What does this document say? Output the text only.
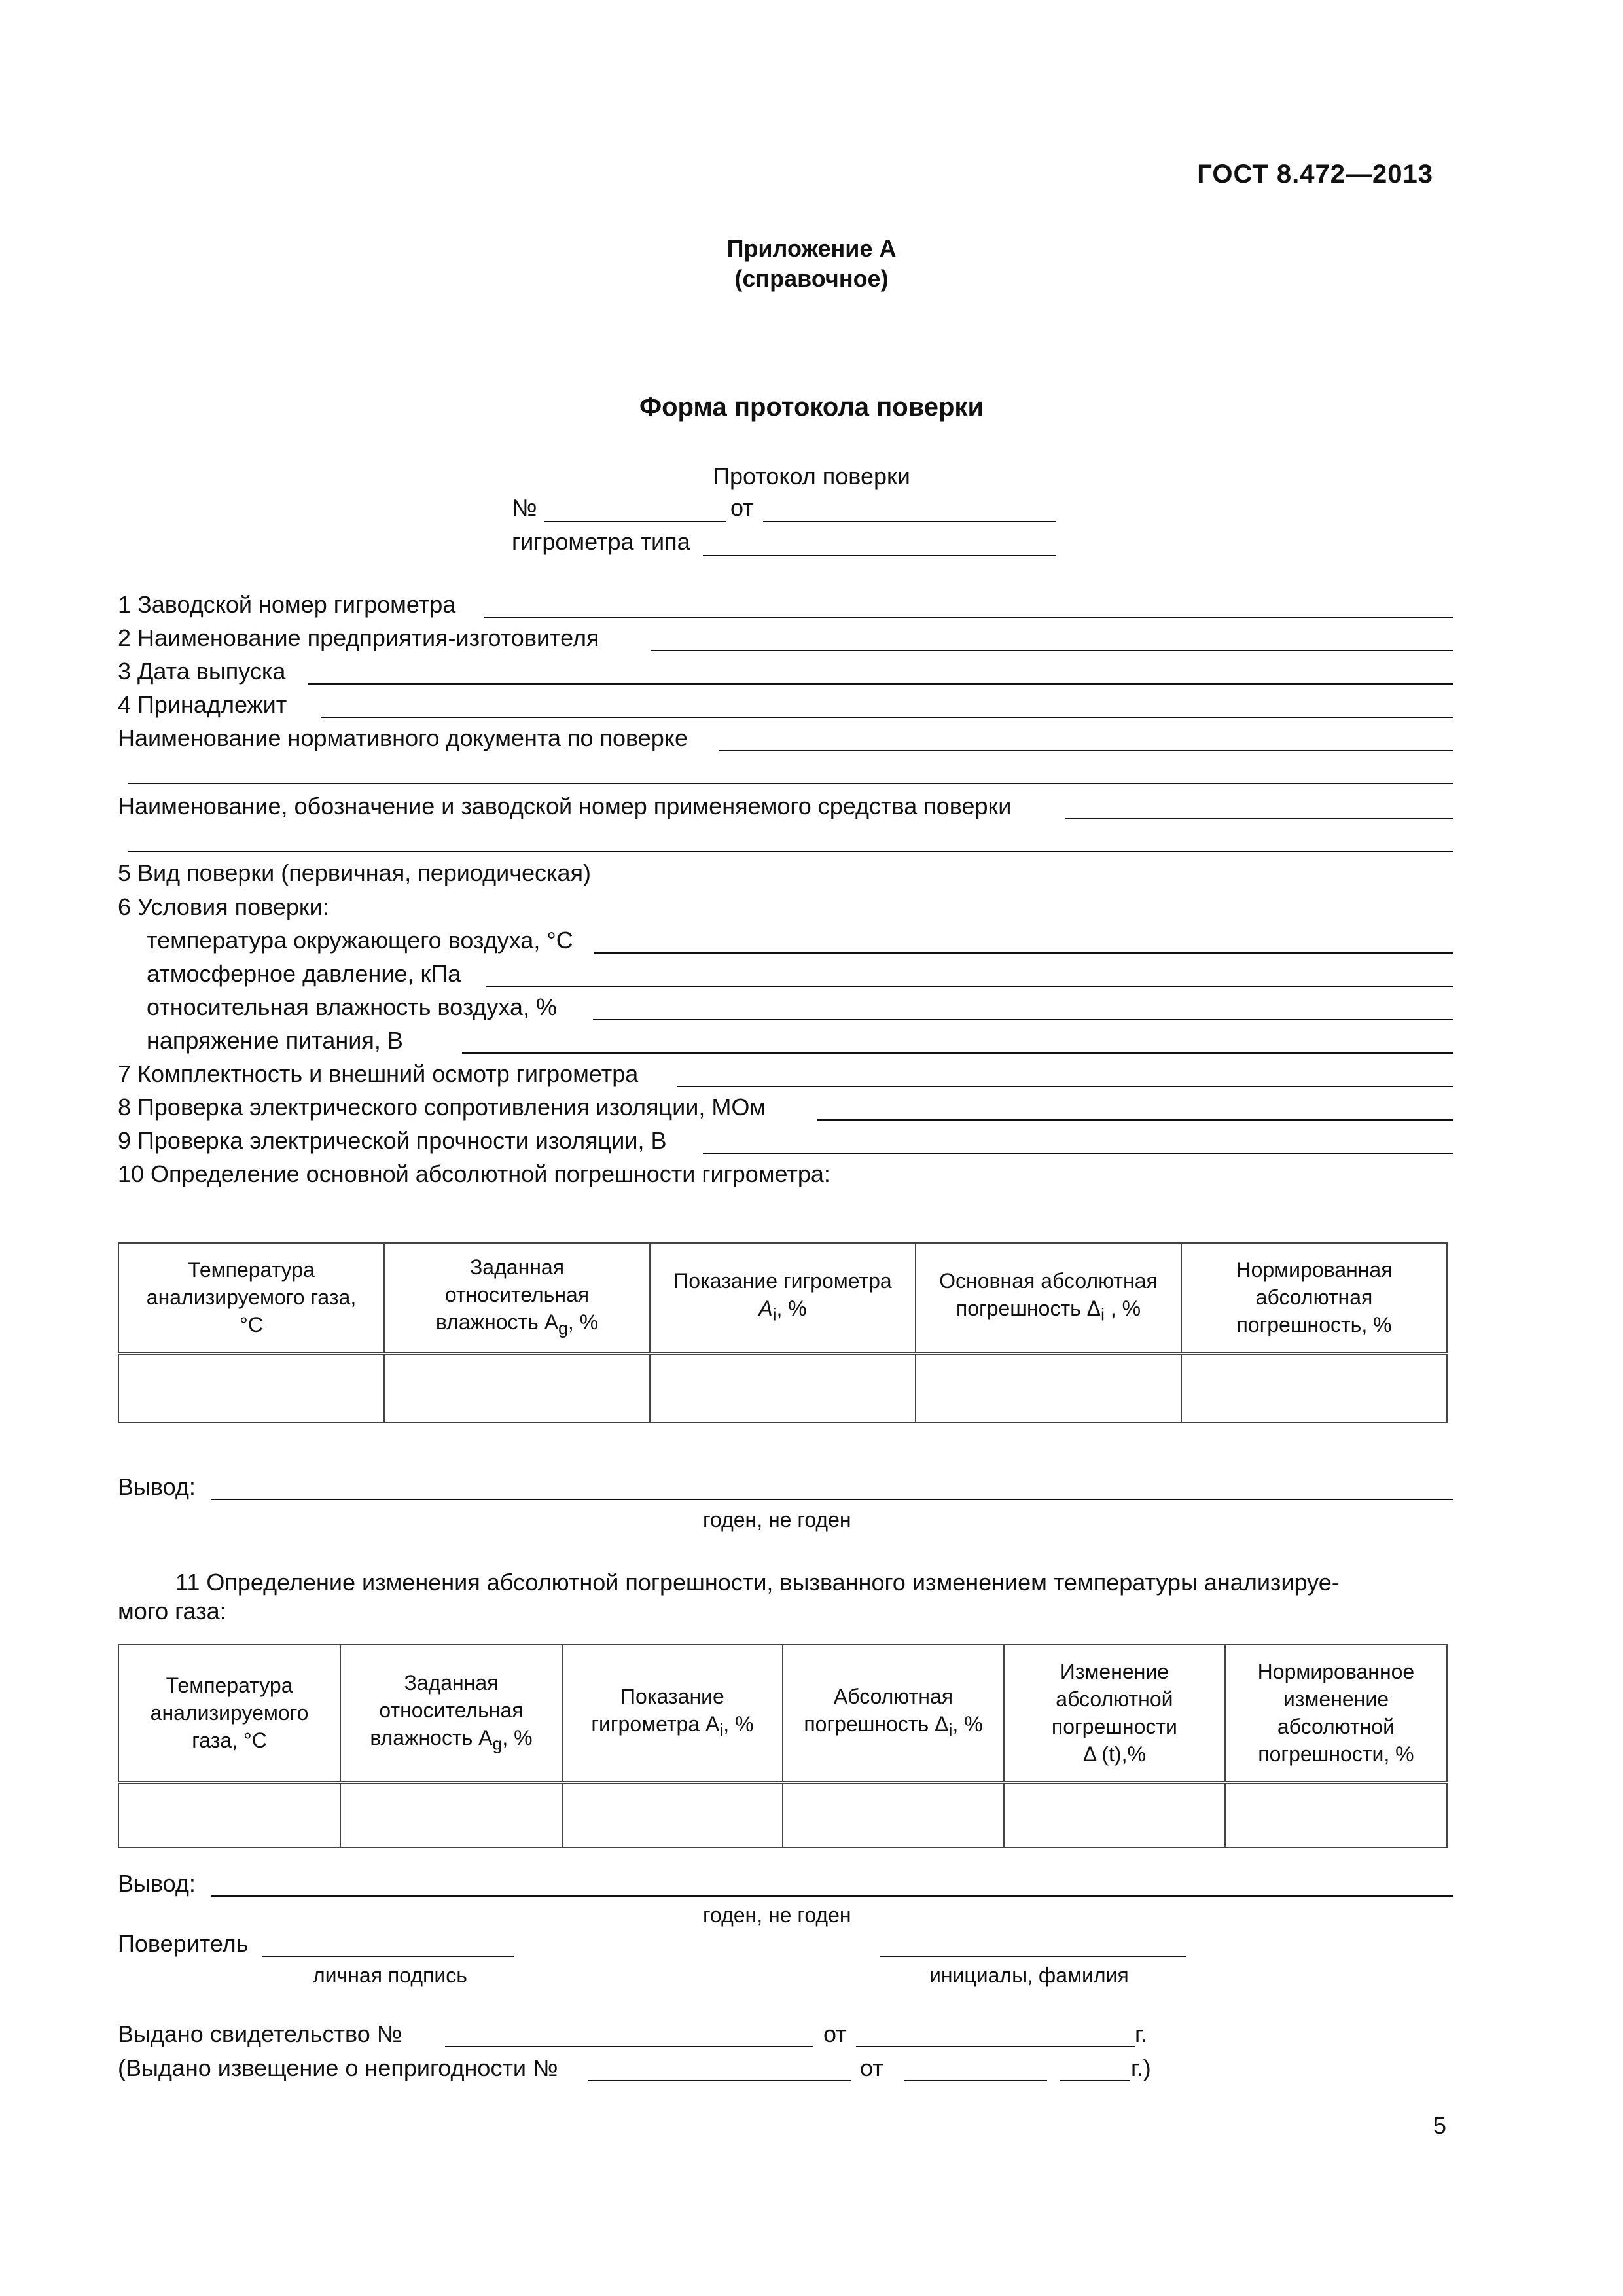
ГОСТ 8.472—2013
Приложение А
(справочное)
Форма протокола поверки
Протокол поверки
№	от
гигрометра типа
1 Заводской номер гигрометра
2 Наименование предприятия-изготовителя
3 Дата выпуска
4 Принадлежит
Наименование нормативного документа по поверке
Наименование, обозначение и заводской номер применяемого средства поверки
5 Вид поверки (первичная, периодическая)
6 Условия поверки:
температура окружающего воздуха, °С
атмосферное давление, кПа
относительная влажность воздуха, %
напряжение питания, В
7 Комплектность и внешний осмотр гигрометра
8 Проверка электрического сопротивления изоляции, МОм
9 Проверка электрической прочности изоляции, В
10 Определение основной абсолютной погрешности гигрометра:
Температура
анализируемого газа,
°С	Заданная
относительная
влажность $A_g$, %	Показание гигрометра
$A_i$, %	Основная абсолютная
погрешность $\Delta_i$ , %	Нормированная
абсолютная
погрешность, %

Вывод:
годен, не годен
11 Определение изменения абсолютной погрешности, вызванного изменением температуры анализируе-
мого газа:
Температура
анализируемого
газа, °С	Заданная
относительная
влажность $A_g$, %	Показание
гигрометра $A_i$, %	Абсолютная
погрешность $\Delta_i$, %	Изменение
абсолютной
погрешности
Δ (t),%	Нормированное
изменение
абсолютной
погрешности, %

Вывод:
годен, не годен
Поверитель
личная подпись	инициалы, фамилия
Выдано свидетельство №	от	г.
(Выдано извещение о непригодности №	от	г.)
5
